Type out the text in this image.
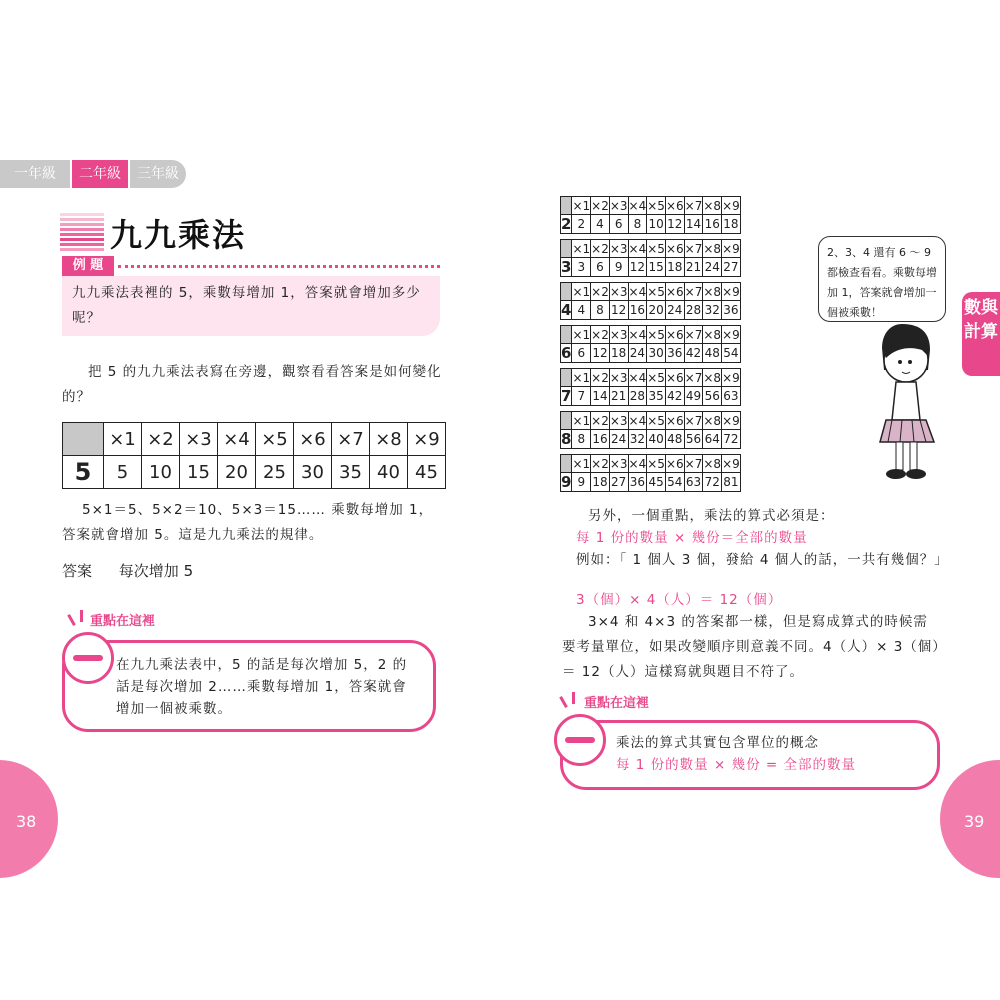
一年級	二年級	三年級
九九乘法
例 題
九九乘法表裡的 5，乘數每增加 1，答案就會增加多少呢？
把 5 的九九乘法表寫在旁邊，觀察看看答案是如何變化的？
	×1	×2	×3	×4	×5	×6	×7	×8	×9
5	5	10	15	20	25	30	35	40	45
5×1＝5、5×2＝10、5×3＝15…… 乘數每增加 1，答案就會增加 5。這是九九乘法的規律。
答案 每次增加 5
重點在這裡
在九九乘法表中，5 的話是每次增加 5，2 的話是每次增加 2……乘數每增加 1，答案就會增加一個被乘數。
38
	×1	×2	×3	×4	×5	×6	×7	×8	×9
2	2	4	6	8	10	12	14	16	18
	×1	×2	×3	×4	×5	×6	×7	×8	×9
3	3	6	9	12	15	18	21	24	27
	×1	×2	×3	×4	×5	×6	×7	×8	×9
4	4	8	12	16	20	24	28	32	36
	×1	×2	×3	×4	×5	×6	×7	×8	×9
6	6	12	18	24	30	36	42	48	54
	×1	×2	×3	×4	×5	×6	×7	×8	×9
7	7	14	21	28	35	42	49	56	63
	×1	×2	×3	×4	×5	×6	×7	×8	×9
8	8	16	24	32	40	48	56	64	72
	×1	×2	×3	×4	×5	×6	×7	×8	×9
9	9	18	27	36	45	54	63	72	81
2、3、4 還有 6 ～ 9 都檢查看看。乘數每增加 1，答案就會增加一個被乘數！	數與計算
另外，一個重點，乘法的算式必須是：
每 1 份的數量 × 幾份＝全部的數量
例如：「 1 個人 3 個，發給 4 個人的話，一共有幾個？」
3（個）× 4（人）＝ 12（個）
3×4 和 4×3 的答案都一樣，但是寫成算式的時候需要考量單位，如果改變順序則意義不同。4（人）× 3（個）＝ 12（人）這樣寫就與題目不符了。
重點在這裡
乘法的算式其實包含單位的概念
每 1 份的數量 × 幾份 = 全部的數量
39
